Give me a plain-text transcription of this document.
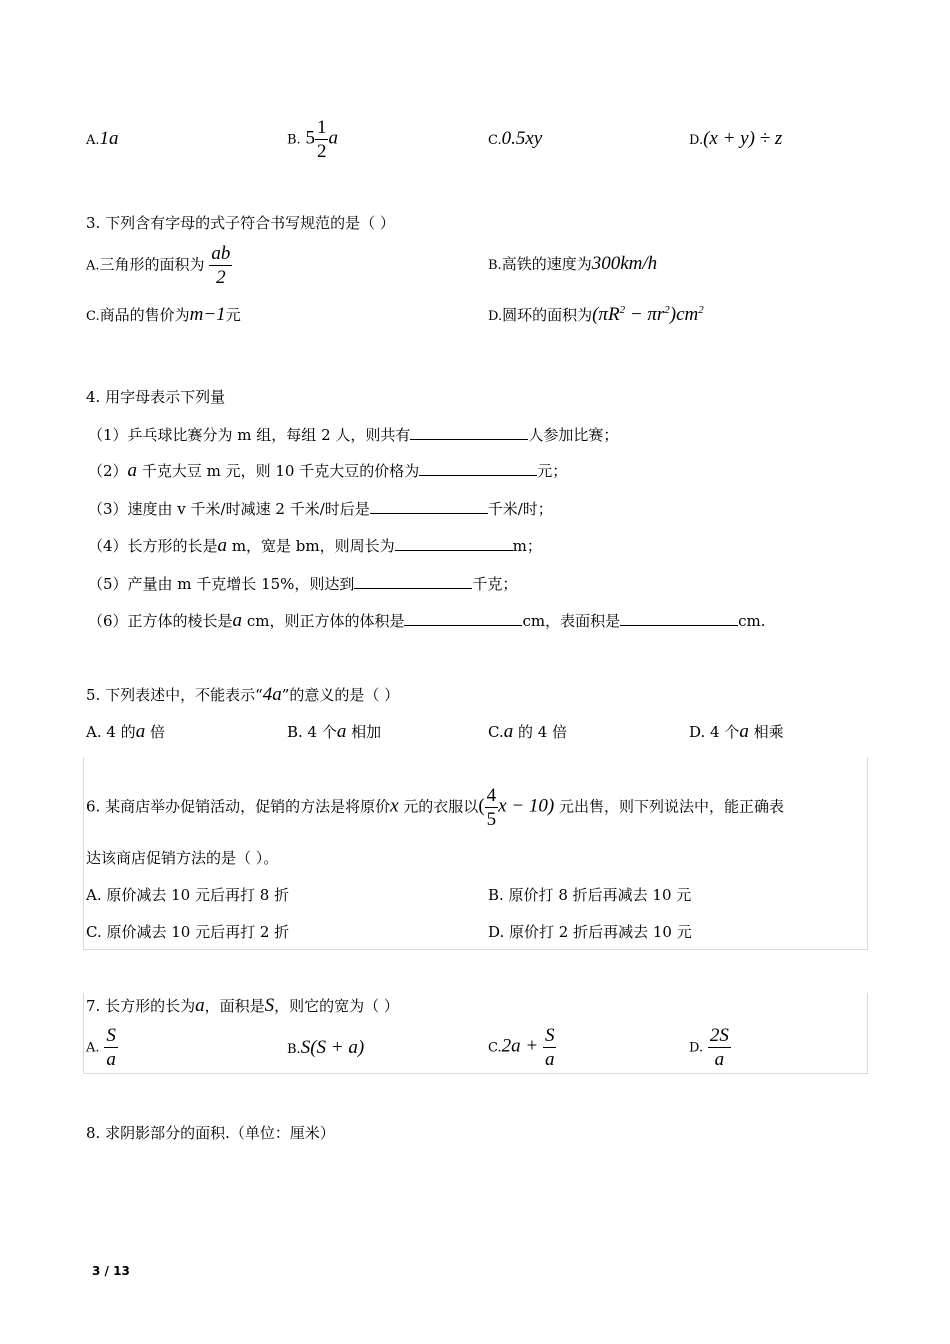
A.1a	B. $5 \frac{1}{2}$ a	C.0.5xy	D.(x + y) ÷ z
3. 下列含有字母的式子符合书写规范的是（ ）
A.三角形的面积为 $\frac{ab}{2}$	B.高铁的速度为300km/h
C.商品的售价为m−1元	D.圆环的面积为$(\pi R^2 - \pi r^2)cm^2$
4. 用字母表示下列量
（1）乒乓球比赛分为 m 组，每组 2 人，则共有	人参加比赛；
（2）a 千克大豆 m 元，则 10 千克大豆的价格为	元；
（3）速度由 v 千米/时减速 2 千米/时后是	千米/时；
（4）长方形的长是a m，宽是 bm，则周长为	m；
（5）产量由 m 千克增长 15%，则达到	千克；
（6）正方体的棱长是a cm，则正方体的体积是	cm，表面积是	cm.
5. 下列表述中，不能表示“4a”的意义的是（ ）
A. 4 的a 倍	B. 4 个a 相加	C.a 的 4 倍	D. 4 个a 相乘
6. 某商店举办促销活动，促销的方法是将原价x 元的衣服以( $\frac{4}{5}$ x − 10) 元出售，则下列说法中，能正确表
达该商店促销方法的是（ ）。
A. 原价减去 10 元后再打 8 折	B. 原价打 8 折后再减去 10 元
C. 原价减去 10 元后再打 2 折	D. 原价打 2 折后再减去 10 元
7. 长方形的长为a，面积是S，则它的宽为（ ）
A. $\frac{S}{a}$	B.S(S + a)	$C.2a + \frac{S}{a}$	D. $\frac{2S}{a}$
8. 求阴影部分的面积.（单位：厘米）
3 / 13
